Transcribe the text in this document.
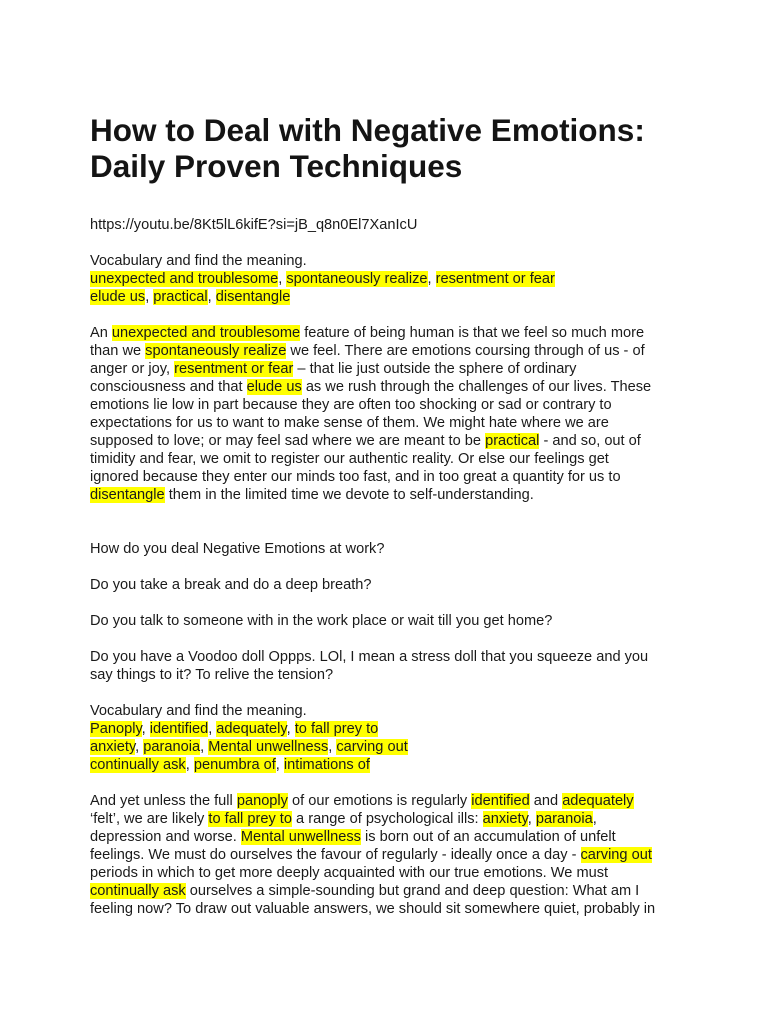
How to Deal with Negative Emotions:
Daily Proven Techniques

https://youtu.be/8Kt5lL6kifE?si=jB_q8n0El7XanIcU

Vocabulary and find the meaning.

unexpected and troublesome, spontaneously realize, resentment or fear

elude us, practical, disentangle

An unexpected and troublesome feature of being human is that we feel so much more

than we spontaneously realize we feel. There are emotions coursing through of us - of

anger or joy, resentment or fear – that lie just outside the sphere of ordinary

consciousness and that elude us as we rush through the challenges of our lives. These

emotions lie low in part because they are often too shocking or sad or contrary to

expectations for us to want to make sense of them. We might hate where we are

supposed to love; or may feel sad where we are meant to be practical - and so, out of

timidity and fear, we omit to register our authentic reality. Or else our feelings get

ignored because they enter our minds too fast, and in too great a quantity for us to

disentangle them in the limited time we devote to self-understanding.

How do you deal Negative Emotions at work?

Do you take a break and do a deep breath?

Do you talk to someone with in the work place or wait till you get home?

Do you have a Voodoo doll Oppps. LOl, I mean a stress doll that you squeeze and you

say things to it? To relive the tension?

Vocabulary and find the meaning.

Panoply, identified, adequately, to fall prey to

anxiety, paranoia, Mental unwellness, carving out

continually ask, penumbra of, intimations of

And yet unless the full panoply of our emotions is regularly identified and adequately

‘felt’, we are likely to fall prey to a range of psychological ills: anxiety, paranoia,

depression and worse. Mental unwellness is born out of an accumulation of unfelt

feelings. We must do ourselves the favour of regularly - ideally once a day - carving out

periods in which to get more deeply acquainted with our true emotions. We must

continually ask ourselves a simple-sounding but grand and deep question: What am I

feeling now? To draw out valuable answers, we should sit somewhere quiet, probably in
